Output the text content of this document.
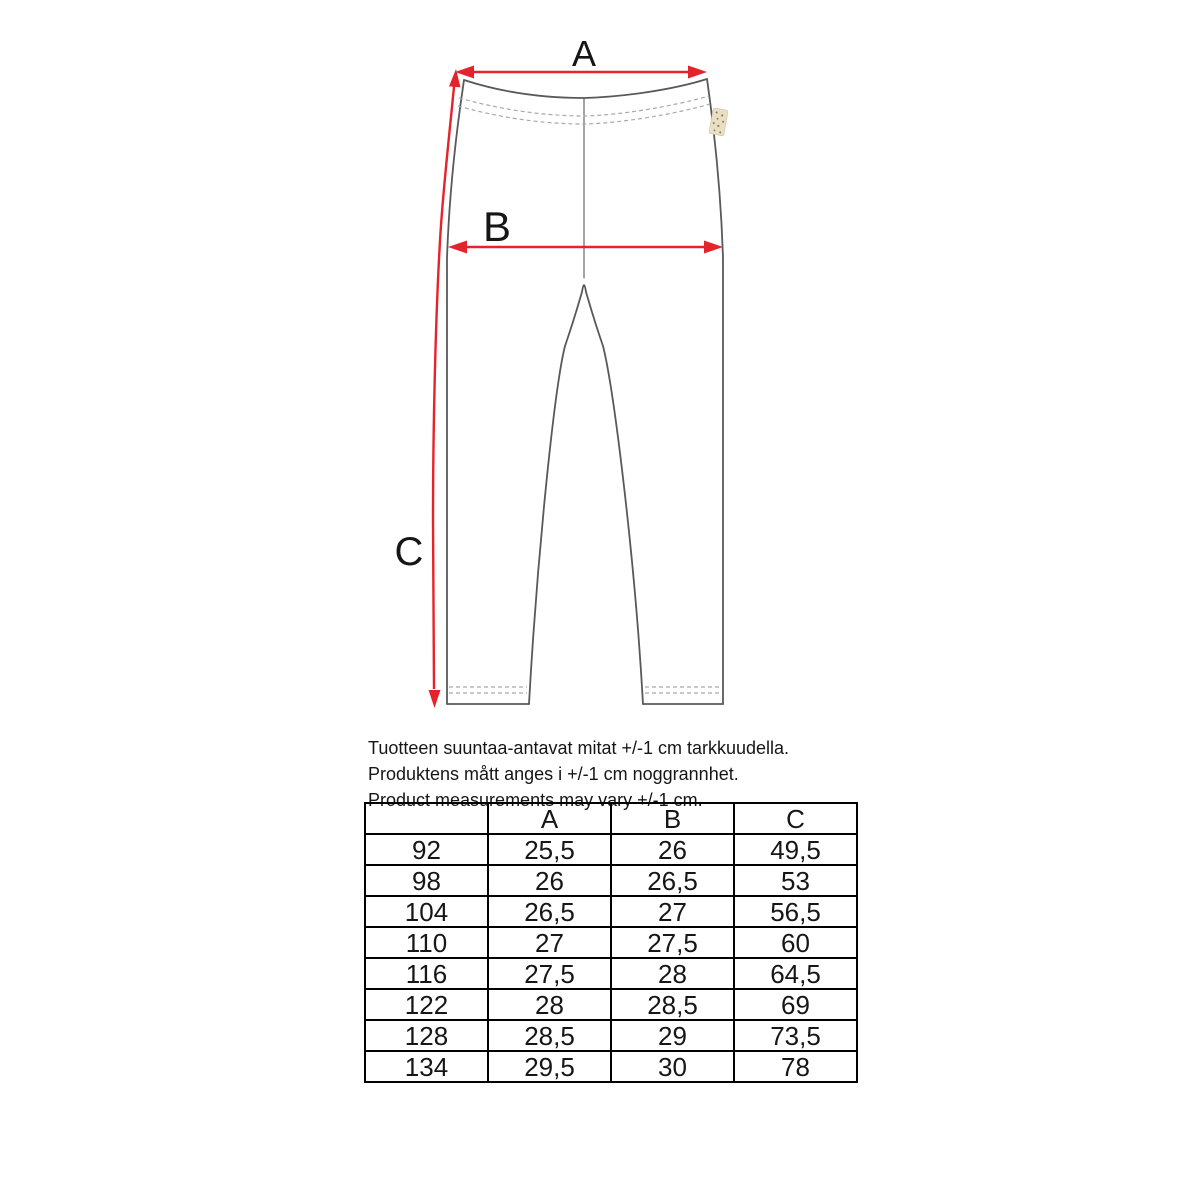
A
B
C

Tuotteen suuntaa-antavat mitat +/-1 cm tarkkuudella.

Produktens mått anges i +/-1 cm noggrannhet.

Product measurements may vary +/-1 cm.

	A	B	C
92	25,5	26	49,5
98	26	26,5	53
104	26,5	27	56,5
110	27	27,5	60
116	27,5	28	64,5
122	28	28,5	69
128	28,5	29	73,5
134	29,5	30	78
